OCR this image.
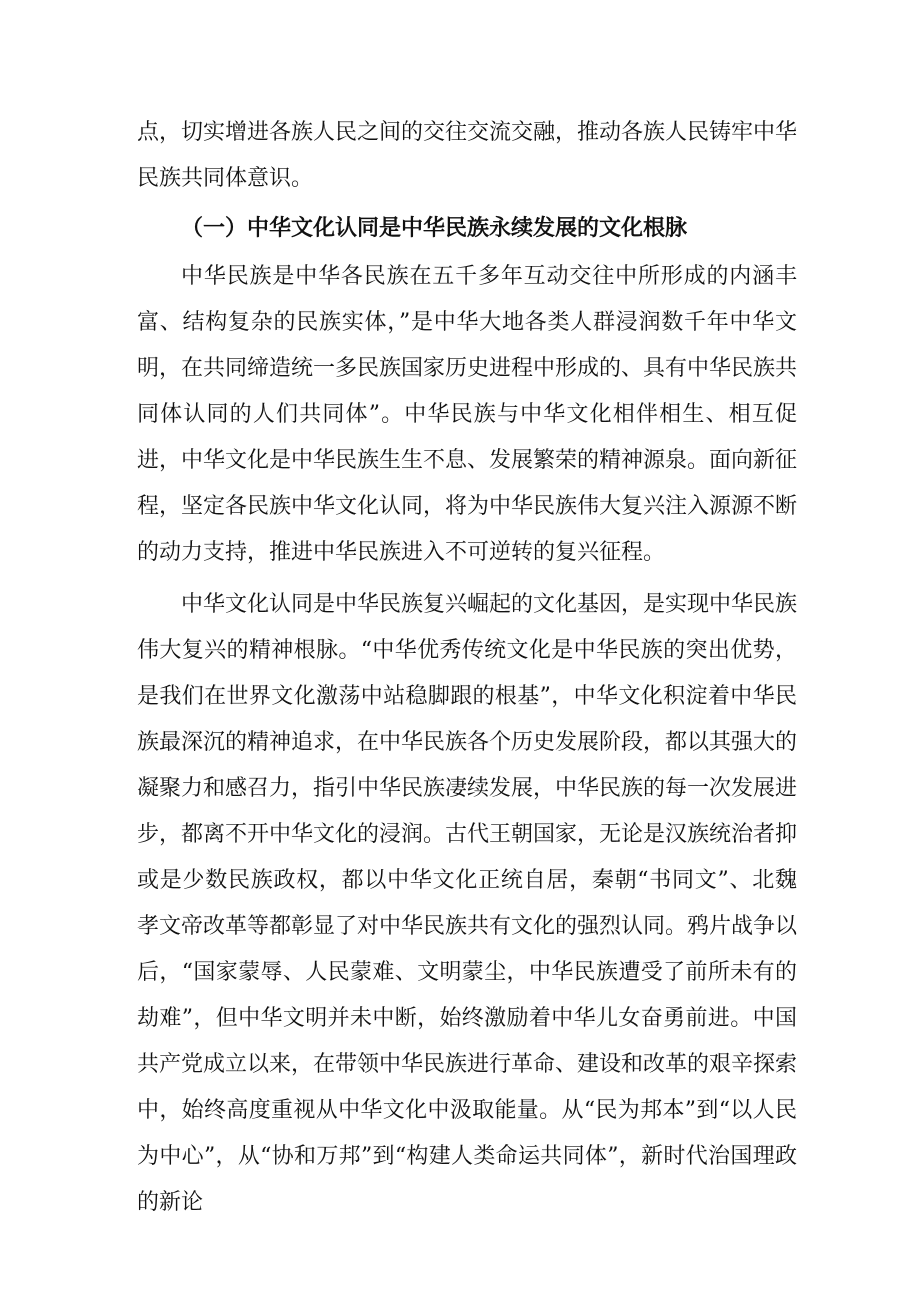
点，切实增进各族人民之间的交往交流交融，推动各族人民铸牢中华民族共同体意识。

（一）中华文化认同是中华民族永续发展的文化根脉

中华民族是中华各民族在五千多年互动交往中所形成的内涵丰富、结构复杂的民族实体，”是中华大地各类人群浸润数千年中华文明，在共同缔造统一多民族国家历史进程中形成的、具有中华民族共同体认同的人们共同体”。中华民族与中华文化相伴相生、相互促进，中华文化是中华民族生生不息、发展繁荣的精神源泉。面向新征程，坚定各民族中华文化认同，将为中华民族伟大复兴注入源源不断的动力支持，推进中华民族进入不可逆转的复兴征程。

中华文化认同是中华民族复兴崛起的文化基因，是实现中华民族伟大复兴的精神根脉。“中华优秀传统文化是中华民族的突出优势，是我们在世界文化激荡中站稳脚跟的根基”，中华文化积淀着中华民族最深沉的精神追求，在中华民族各个历史发展阶段，都以其强大的凝聚力和感召力，指引中华民族凄续发展，中华民族的每一次发展进步，都离不开中华文化的浸润。古代王朝国家，无论是汉族统治者抑或是少数民族政权，都以中华文化正统自居，秦朝“书同文”、北魏孝文帝改革等都彰显了对中华民族共有文化的强烈认同。鸦片战争以后，“国家蒙辱、人民蒙难、文明蒙尘，中华民族遭受了前所未有的劫难”，但中华文明并未中断，始终激励着中华儿女奋勇前进。中国共产党成立以来，在带领中华民族进行革命、建设和改革的艰辛探索中，始终高度重视从中华文化中汲取能量。从“民为邦本”到“以人民为中心”，从“协和万邦”到“构建人类命运共同体”，新时代治国理政的新论
